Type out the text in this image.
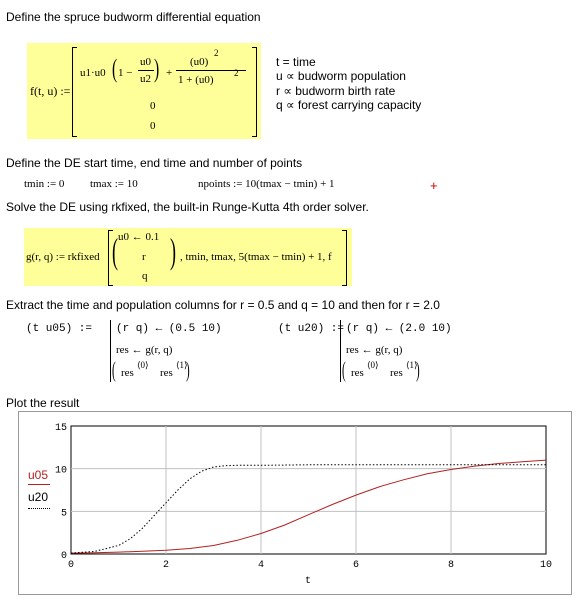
Define the spruce budworm differential equation
f(t, u) :=
u1·u0 ( 1 −
u0
u2 ) +
(u0)
2
1 + (u0)
2
0
0
t = time
u ∝ budworm population
r ∝ budworm birth rate
q ∝ forest carrying capacity
Define the DE start time, end time and number of points
tmin := 0 tmax := 10	npoints := 10(tmax − tmin) + 1	+
Solve the DE using rkfixed, the built-in Runge-Kutta 4th order solver.
g(r, q) := rkfixed ( u0 ← 0.1
r
q
) , tmin, tmax, 5(tmax − tmin) + 1, f
Extract the time and population columns for r = 0.5 and q = 10 and then for r = 2.0
(t u05) := (r q) ← (0.5 10)
res ← g(r, q)
( res
⟨0⟩
res
⟨1⟩
)
(t u20) := (r q) ← (2.0 10)
res ← g(r, q)
( res
⟨0⟩
res
⟨1⟩
)
Plot the result
0	2	4	6	8	10
0
5
10
15
u05
u20
t
